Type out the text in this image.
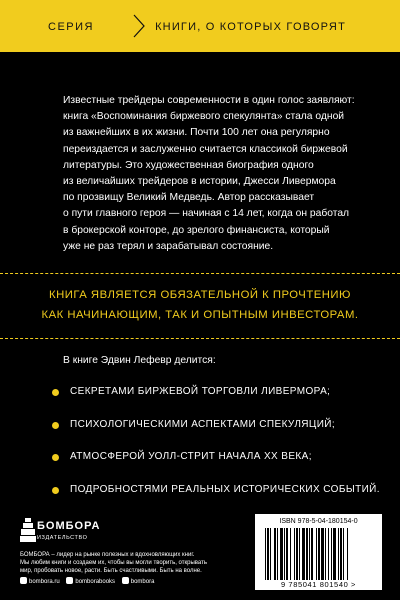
СЕРИЯ	КНИГИ, О КОТОРЫХ ГОВОРЯТ

Известные трейдеры современности в один голос заявляют:
книга «Воспоминания биржевого спекулянта» стала одной
из важнейших в их жизни. Почти 100 лет она регулярно
переиздается и заслуженно считается классикой биржевой
литературы. Это художественная биография одного
из величайших трейдеров в истории, Джесси Ливермора
по прозвищу Великий Медведь. Автор рассказывает
о пути главного героя — начиная с 14 лет, когда он работал
в брокерской конторе, до зрелого финансиста, который
уже не раз терял и зарабатывал состояние.

КНИГА ЯВЛЯЕТСЯ ОБЯЗАТЕЛЬНОЙ К ПРОЧТЕНИЮ
КАК НАЧИНАЮЩИМ, ТАК И ОПЫТНЫМ ИНВЕСТОРАМ.
В книге Эдвин Лефевр делится:
СЕКРЕТАМИ БИРЖЕВОЙ ТОРГОВЛИ ЛИВЕРМОРА;
ПСИХОЛОГИЧЕСКИМИ АСПЕКТАМИ СПЕКУЛЯЦИЙ;
АТМОСФЕРОЙ УОЛЛ-СТРИТ НАЧАЛА XX ВЕКА;
ПОДРОБНОСТЯМИ РЕАЛЬНЫХ ИСТОРИЧЕСКИХ СОБЫТИЙ.
БОМБОРА
ИЗДАТЕЛЬСТВО

БОМБОРА – лидер на рынке полезных и вдохновляющих книг.
Мы любим книги и создаем их, чтобы вы могли творить, открывать
мир, пробовать новое, расти. Быть счастливыми. Быть на волне.

bombora.ru	bomborabooks	bombora
ISBN 978-5-04-180154-0
9 785041 801540 >
